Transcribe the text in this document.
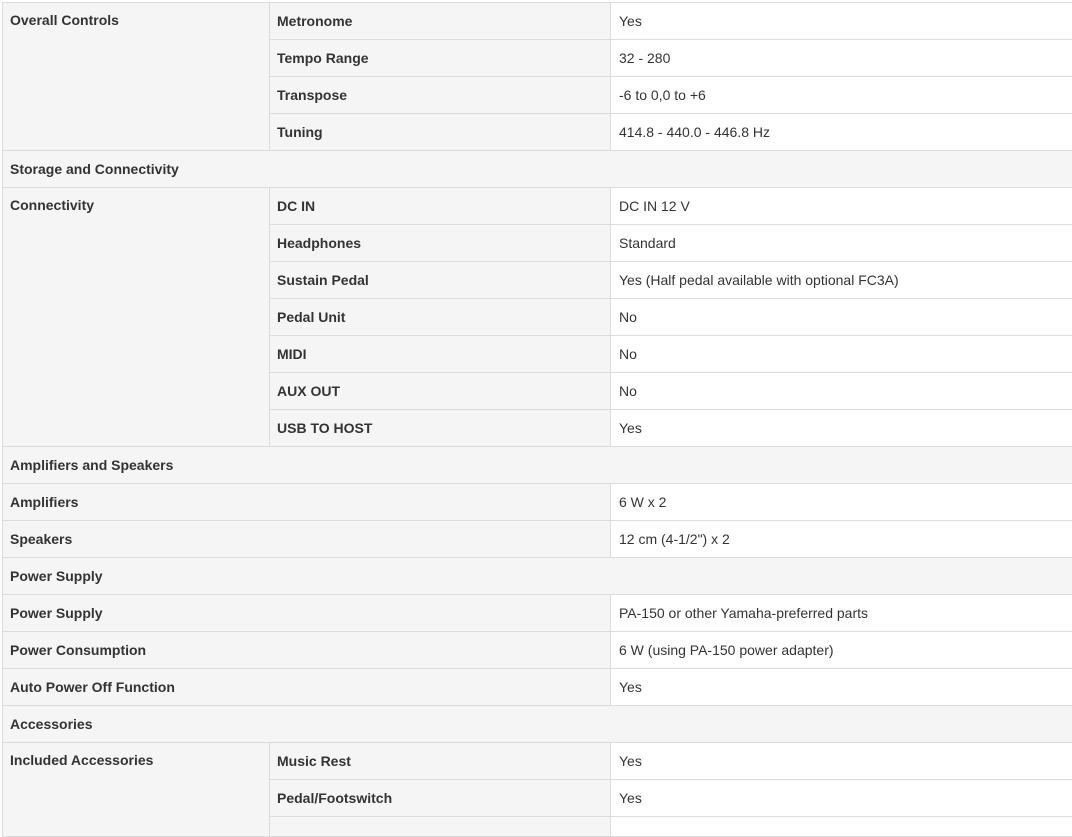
Overall Controls	Metronome	Yes
	Tempo Range	32 - 280
	Transpose	-6 to 0,0 to +6
	Tuning	414.8 - 440.0 - 446.8 Hz
Storage and Connectivity		
Connectivity	DC IN	DC IN 12 V
	Headphones	Standard
	Sustain Pedal	Yes (Half pedal available with optional FC3A)
	Pedal Unit	No
	MIDI	No
	AUX OUT	No
	USB TO HOST	Yes
Amplifiers and Speakers		
Amplifiers		6 W x 2
Speakers		12 cm (4-1/2") x 2
Power Supply		
Power Supply		PA-150 or other Yamaha-preferred parts
Power Consumption		6 W (using PA-150 power adapter)
Auto Power Off Function		Yes
Accessories		
Included Accessories	Music Rest	Yes
	Pedal/Footswitch	Yes
